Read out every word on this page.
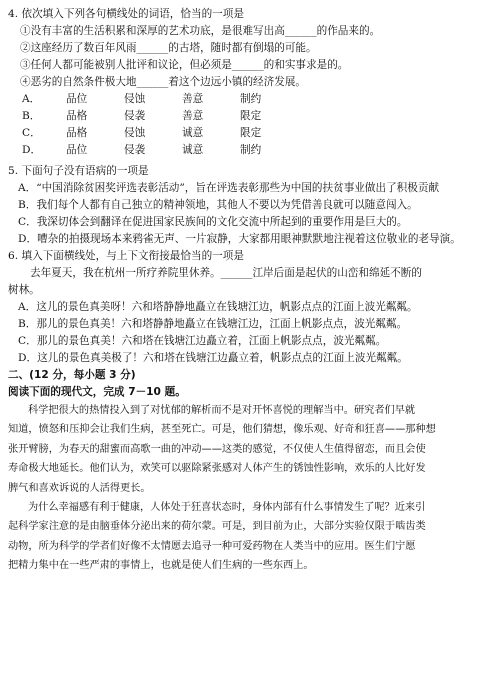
4. 依次填入下列各句横线处的词语，恰当的一项是
①没有丰富的生活积累和深厚的艺术功底，是很难写出高______的作品来的。
②这座经历了数百年风雨______的古塔，随时都有倒塌的可能。
③任何人都可能被别人批评和议论，但必须是______的和实事求是的。
④恶劣的自然条件极大地______着这个边远小镇的经济发展。
A． 品位	侵蚀	善意	制约
B． 品格	侵袭	善意	限定
C． 品格	侵蚀	诚意	限定
D． 品位	侵袭	诚意	制约
5. 下面句子没有语病的一项是
A．“中国消除贫困奖评选表彰活动”，旨在评选表彰那些为中国的扶贫事业做出了积极贡献
B．我们每个人都有自己独立的精神领地，其他人不要以为凭借善良就可以随意闯入。
C．我深切体会到翻译在促进国家民族间的文化交流中所起到的重要作用是巨大的。
D．嘈杂的拍摄现场本来鸦雀无声、一片寂静，大家都用眼神默默地注视着这位敬业的老导演。
6. 填入下面横线处，与上下文衔接最恰当的一项是
去年夏天，我在杭州一所疗养院里休养。______江岸后面是起伏的山峦和绵延不断的
树林。
A．这儿的景色真美呀！六和塔静静地矗立在钱塘江边，帆影点点的江面上波光粼粼。
B．那儿的景色真美！六和塔静静地矗立在钱塘江边，江面上帆影点点，波光粼粼。
C．那儿的景色真美！六和塔在钱塘江边矗立着，江面上帆影点点，波光粼粼。
D．这儿的景色真美极了！六和塔在钱塘江边矗立着，帆影点点的江面上波光粼粼。
二、(12 分，每小题 3 分)
阅读下面的现代文，完成 7－10 题。
科学把很大的热情投入到了对忧郁的解析而不是对开怀喜悦的理解当中。研究者们早就
知道，愤怒和压抑会让我们生病，甚至死亡。可是，他们猜想，像乐观、好奇和狂喜——那种想
张开臂膀，为春天的甜蜜而高歌一曲的冲动——这类的感觉，不仅使人生值得留恋，而且会使
寿命极大地延长。他们认为，欢笑可以驱除紧张感对人体产生的锈蚀性影响，欢乐的人比好发
脾气和喜欢诉说的人活得更长。
为什么幸福感有利于健康，人体处于狂喜状态时，身体内部有什么事情发生了呢？近来引
起科学家注意的是由脑垂体分泌出来的荷尔蒙。可是，到目前为止，大部分实验仅限于啮齿类
动物，所为科学的学者们好像不太情愿去追寻一种可爱药物在人类当中的应用。医生们宁愿
把精力集中在一些严肃的事情上，也就是使人们生病的一些东西上。
